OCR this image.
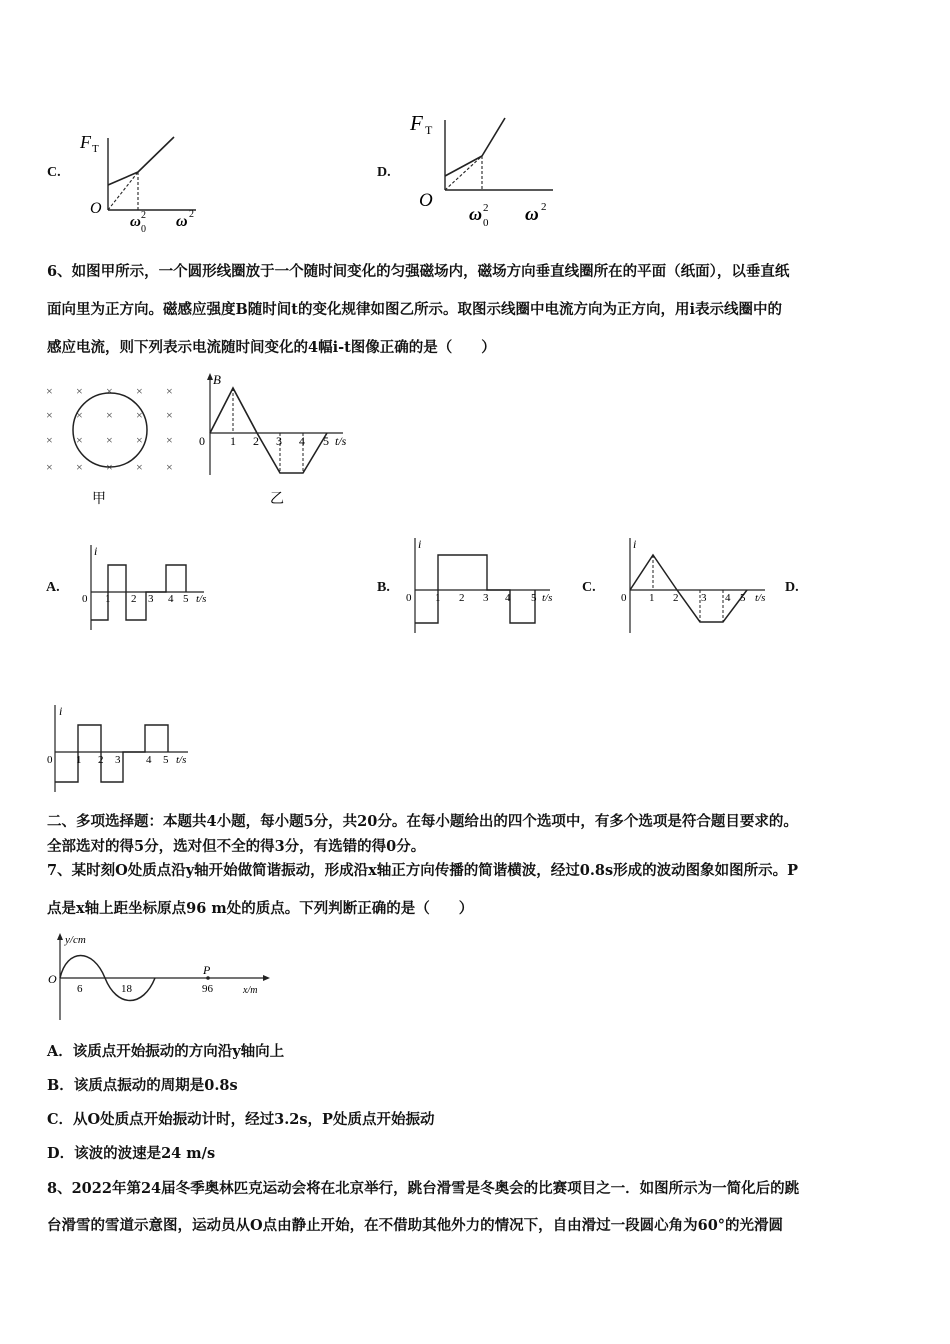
C.
F T
O
ω 2
0 ω 2
D.
F T
O
ω 2
0 ω 2
6、如图甲所示，一个圆形线圈放于一个随时间变化的匀强磁场内，磁场方向垂直线圈所在的平面（纸面），以垂直纸
面向里为正方向。磁感应强度B随时间t的变化规律如图乙所示。取图示线圈中电流方向为正方向，用i表示线圈中的
感应电流，则下列表示电流随时间变化的4幅i-t图像正确的是（　　）
× × × × ×
× × × × ×
× × × × ×
× × × × ×
甲
B
0 1 2 3 4 5 t/s
乙
A.
i
0 1 2 3 4 5 t/s
B.
i
0 1 2 3 4 5 t/s
C.
i
0 1 2 3 4 5 t/s
D.
i
0 1 2 3 4 5 t/s
二、多项选择题：本题共4小题，每小题5分，共20分。在每小题给出的四个选项中，有多个选项是符合题目要求的。
全部选对的得5分，选对但不全的得3分，有选错的得0分。
7、某时刻O处质点沿y轴开始做简谐振动，形成沿x轴正方向传播的简谐横波，经过0.8s形成的波动图象如图所示。P
点是x轴上距坐标原点96 m处的质点。下列判断正确的是（　　）
y/cm
O
6	18	96
P
x/m
A．该质点开始振动的方向沿y轴向上
B．该质点振动的周期是0.8s
C．从O处质点开始振动计时，经过3.2s，P处质点开始振动
D．该波的波速是24 m/s
8、2022年第24届冬季奥林匹克运动会将在北京举行，跳台滑雪是冬奥会的比赛项目之一．如图所示为一简化后的跳
台滑雪的雪道示意图，运动员从O点由静止开始，在不借助其他外力的情况下，自由滑过一段圆心角为60°的光滑圆
